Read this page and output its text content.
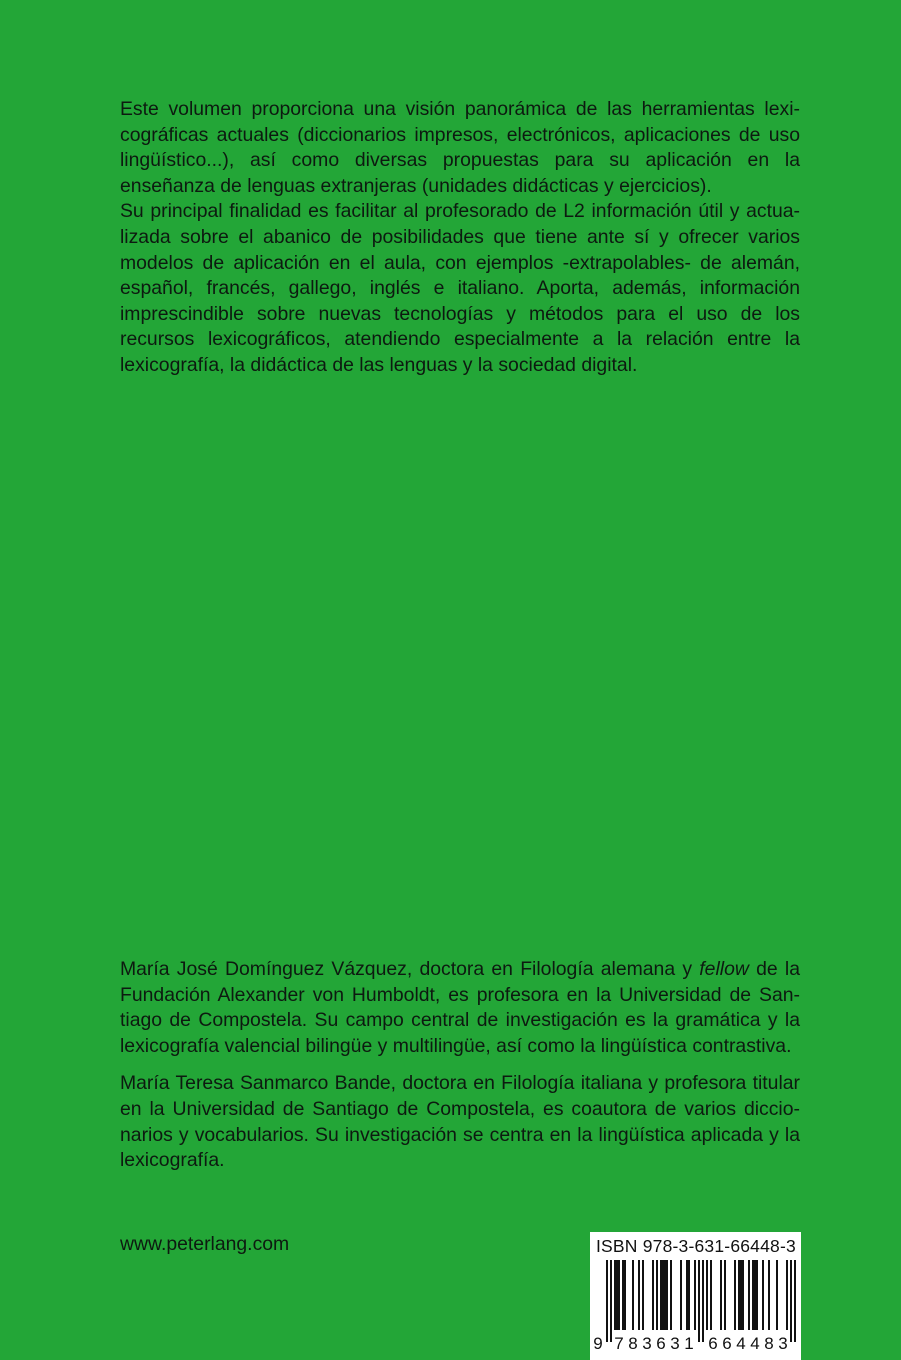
Este volumen proporciona una visión panorámica de las herramientas lexicográficas actuales (diccionarios impresos, electrónicos, aplicaciones de uso lingüístico...), así como diversas propuestas para su aplicación en la enseñanza de lenguas extranjeras (unidades didácticas y ejercicios).

Su principal finalidad es facilitar al profesorado de L2 información útil y actualizada sobre el abanico de posibilidades que tiene ante sí y ofrecer varios modelos de aplicación en el aula, con ejemplos -extrapolables- de alemán, español, francés, gallego, inglés e italiano. Aporta, además, información imprescindible sobre nuevas tecnologías y métodos para el uso de los recursos lexicográficos, atendiendo especialmente a la relación entre la lexicografía, la didáctica de las lenguas y la sociedad digital.

María José Domínguez Vázquez, doctora en Filología alemana y fellow de la Fundación Alexander von Humboldt, es profesora en la Universidad de Santiago de Compostela. Su campo central de investigación es la gramática y la lexicografía valencial bilingüe y multilingüe, así como la lingüística contrastiva.

María Teresa Sanmarco Bande, doctora en Filología italiana y profesora titular en la Universidad de Santiago de Compostela, es coautora de varios diccionarios y vocabularios. Su investigación se centra en la lingüística aplicada y la lexicografía.

www.peterlang.com	ISBN 978-3-631-66448-3
9 7 8 3 6 3 1 6 6 4 4 8 3
